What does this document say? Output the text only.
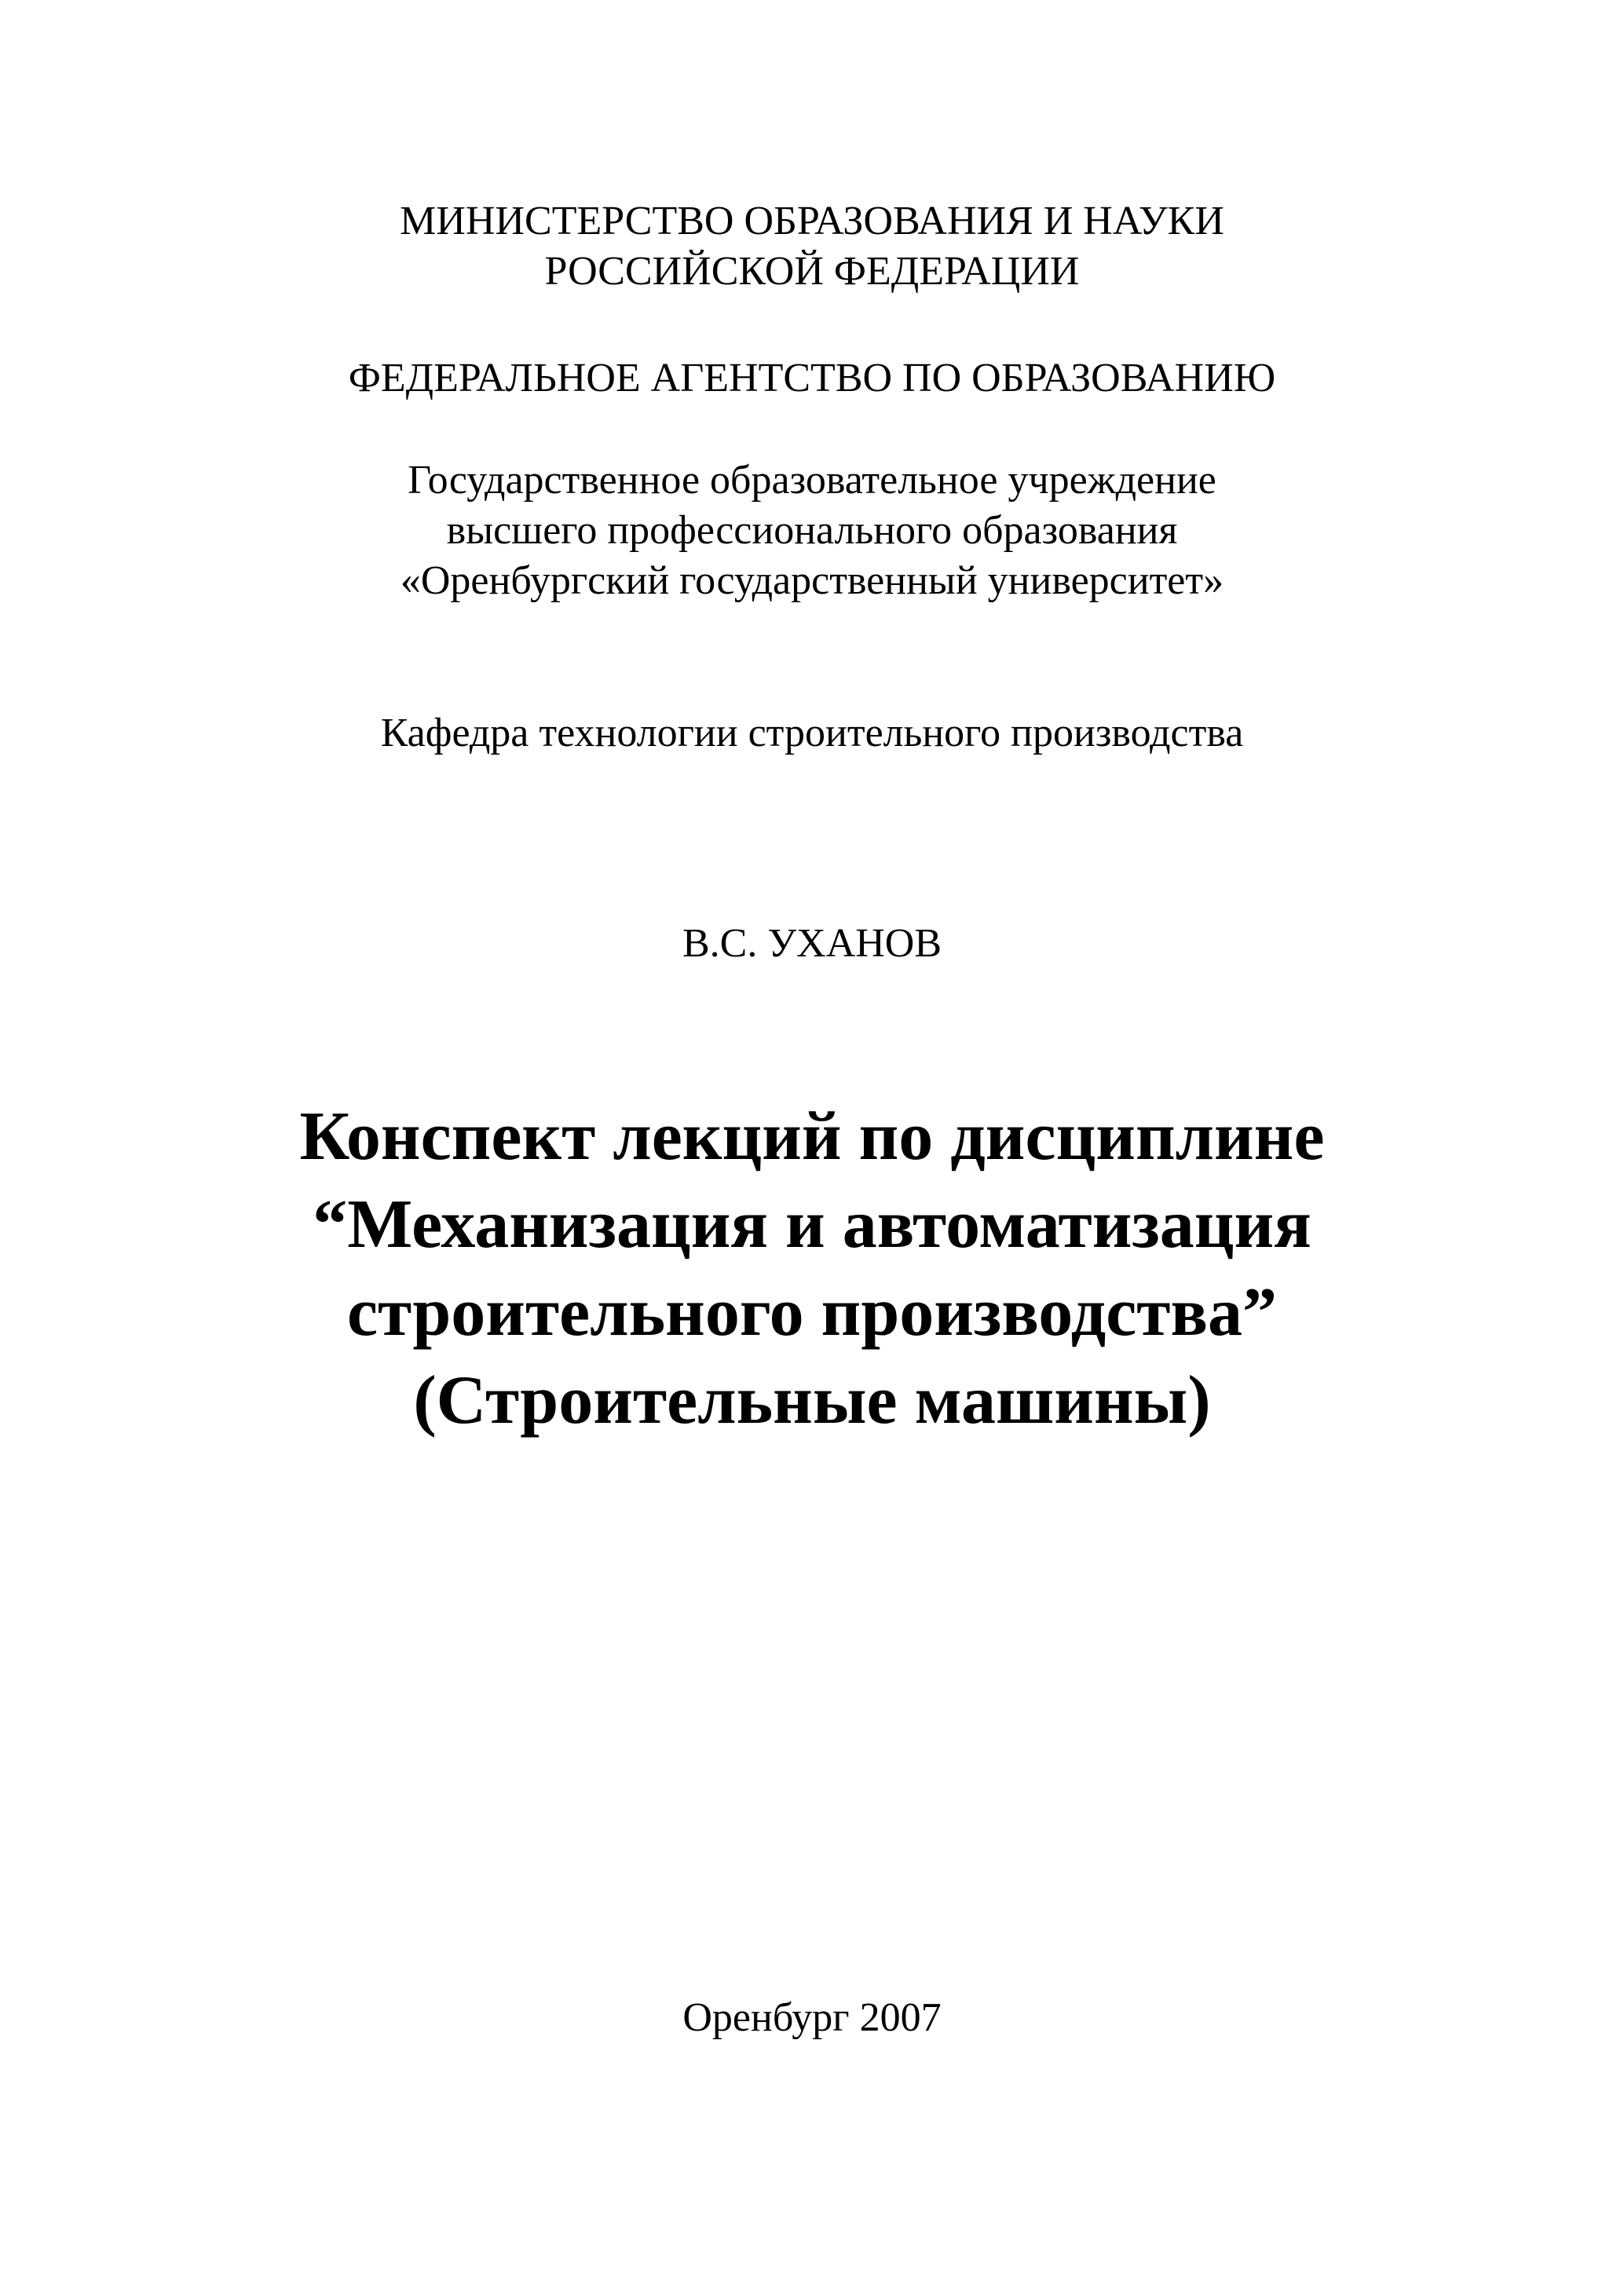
МИНИСТЕРСТВО ОБРАЗОВАНИЯ И НАУКИ
РОССИЙСКОЙ ФЕДЕРАЦИИ
ФЕДЕРАЛЬНОЕ АГЕНТСТВО ПО ОБРАЗОВАНИЮ
Государственное образовательное учреждение
высшего профессионального образования
«Оренбургский государственный университет»
Кафедра технологии строительного производства
В.С. УХАНОВ
Конспект лекций по дисциплине
“Механизация и автоматизация
строительного производства”
(Строительные машины)
Оренбург 2007
